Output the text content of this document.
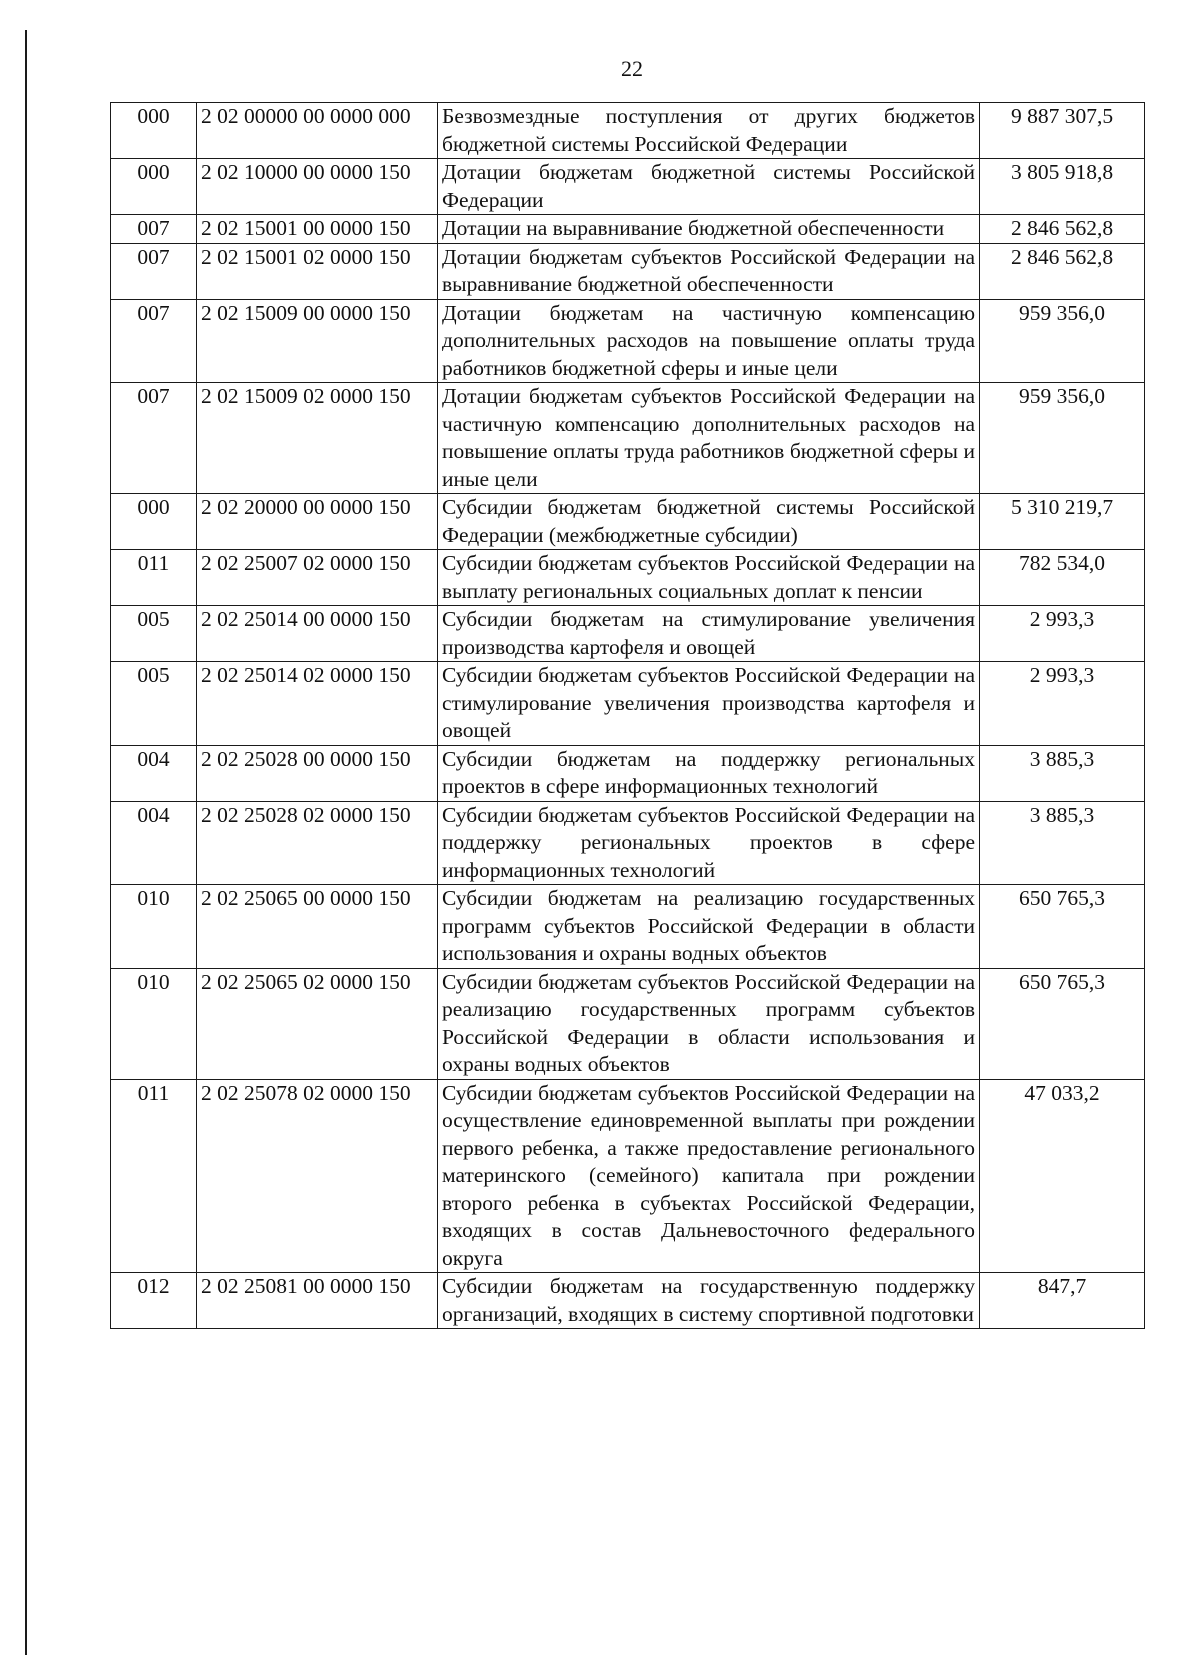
22
000	2 02 00000 00 0000 000	Безвозмездные поступления от других бюджетов бюджетной системы Российской Федерации	9 887 307,5
000	2 02 10000 00 0000 150	Дотации бюджетам бюджетной системы Российской Федерации	3 805 918,8
007	2 02 15001 00 0000 150	Дотации на выравнивание бюджетной обеспеченности	2 846 562,8
007	2 02 15001 02 0000 150	Дотации бюджетам субъектов Российской Федерации на выравнивание бюджетной обеспеченности	2 846 562,8
007	2 02 15009 00 0000 150	Дотации бюджетам на частичную компенсацию дополнительных расходов на повышение оплаты труда работников бюджетной сферы и иные цели	959 356,0
007	2 02 15009 02 0000 150	Дотации бюджетам субъектов Российской Федерации на частичную компенсацию дополнительных расходов на повышение оплаты труда работников бюджетной сферы и иные цели	959 356,0
000	2 02 20000 00 0000 150	Субсидии бюджетам бюджетной системы Российской Федерации (межбюджетные субсидии)	5 310 219,7
011	2 02 25007 02 0000 150	Субсидии бюджетам субъектов Российской Федерации на выплату региональных социальных доплат к пенсии	782 534,0
005	2 02 25014 00 0000 150	Субсидии бюджетам на стимулирование увеличения производства картофеля и овощей	2 993,3
005	2 02 25014 02 0000 150	Субсидии бюджетам субъектов Российской Федерации на стимулирование увеличения производства картофеля и овощей	2 993,3
004	2 02 25028 00 0000 150	Субсидии бюджетам на поддержку региональных проектов в сфере информационных технологий	3 885,3
004	2 02 25028 02 0000 150	Субсидии бюджетам субъектов Российской Федерации на поддержку региональных проектов в сфере информационных технологий	3 885,3
010	2 02 25065 00 0000 150	Субсидии бюджетам на реализацию государственных программ субъектов Российской Федерации в области использования и охраны водных объектов	650 765,3
010	2 02 25065 02 0000 150	Субсидии бюджетам субъектов Российской Федерации на реализацию государственных программ субъектов Российской Федерации в области использования и охраны водных объектов	650 765,3
011	2 02 25078 02 0000 150	Субсидии бюджетам субъектов Российской Федерации на осуществление единовременной выплаты при рождении первого ребенка, а также предоставление регионального материнского (семейного) капитала при рождении второго ребенка в субъектах Российской Федерации, входящих в состав Дальневосточного федерального округа	47 033,2
012	2 02 25081 00 0000 150	Субсидии бюджетам на государственную поддержку организаций, входящих в систему спортивной подготовки	847,7
